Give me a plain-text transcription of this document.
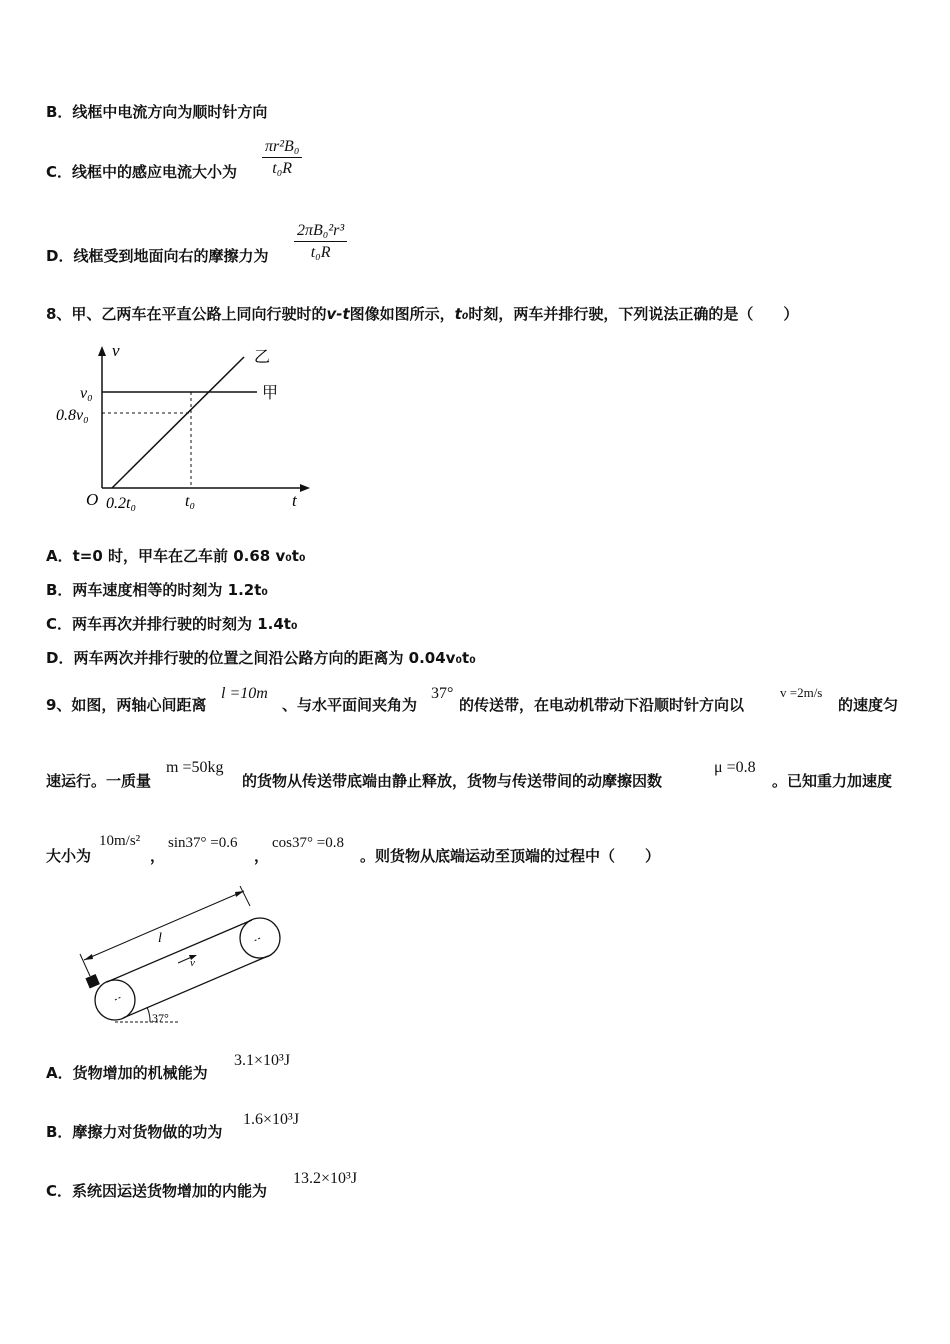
B．线框中电流方向为顺时针方向
C．线框中的感应电流大小为 $\frac{\text{πr²B₀}}{\text{t₀R}}$
D．线框受到地面向右的摩擦力为 $\frac{\text{2πB₀²r³}}{\text{t₀R}}$
8、甲、乙两车在平直公路上同向行驶时的v-t图像如图所示，t₀时刻，两车并排行驶，下列说法正确的是（　　）
v
t
O
v₀
0.8v₀
0.2t₀	t₀
甲
乙
A．t=0 时，甲车在乙车前 0.68 v₀t₀
B．两车速度相等的时刻为 1.2t₀
C．两车再次并排行驶的时刻为 1.4t₀
D．两车两次并排行驶的位置之间沿公路方向的距离为 0.04v₀t₀
9、如图，两轴心间距离
l =10m
、与水平面间夹角为
37°
的传送带，在电动机带动下沿顺时针方向以
v =2m/s
的速度匀
速运行。一质量
m =50kg
的货物从传送带底端由静止释放，货物与传送带间的动摩擦因数
μ =0.8
。已知重力加速度
大小为
10m/s²
，
sin37° =0.6
，
cos37° =0.8
。则货物从底端运动至顶端的过程中（　　）
l
v
37°
A．货物增加的机械能为
3.1×10³J
B．摩擦力对货物做的功为
1.6×10³J
C．系统因运送货物增加的内能为
13.2×10³J
